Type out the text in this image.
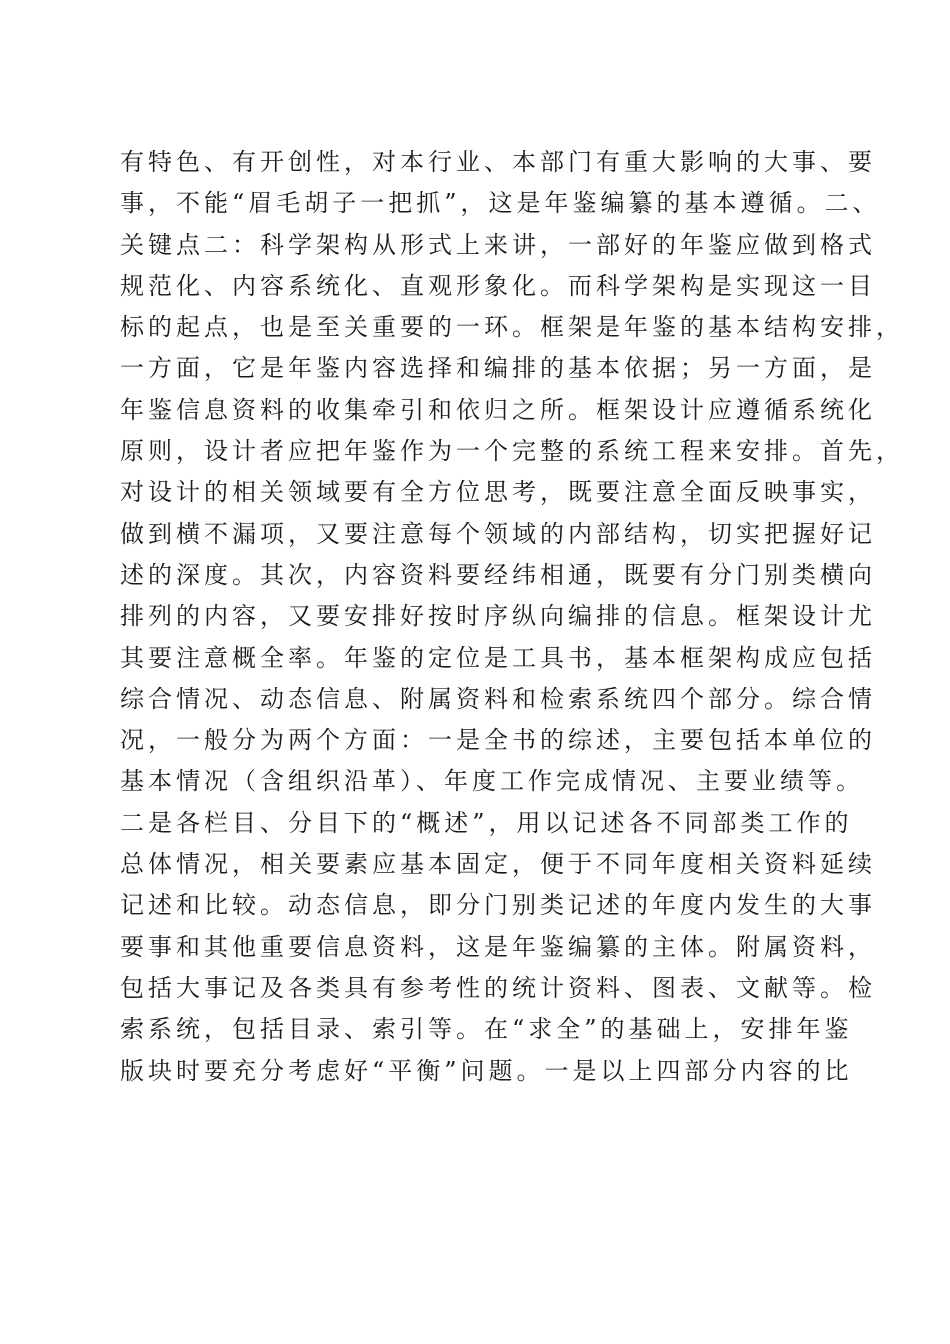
有特色、有开创性，对本行业、本部门有重大影响的大事、要
事，不能“眉毛胡子一把抓”，这是年鉴编纂的基本遵循。二、
关键点二：科学架构从形式上来讲，一部好的年鉴应做到格式
规范化、内容系统化、直观形象化。而科学架构是实现这一目
标的起点，也是至关重要的一环。框架是年鉴的基本结构安排，
一方面，它是年鉴内容选择和编排的基本依据；另一方面，是
年鉴信息资料的收集牵引和依归之所。框架设计应遵循系统化
原则，设计者应把年鉴作为一个完整的系统工程来安排。首先，
对设计的相关领域要有全方位思考，既要注意全面反映事实，
做到横不漏项，又要注意每个领域的内部结构，切实把握好记
述的深度。其次，内容资料要经纬相通，既要有分门别类横向
排列的内容，又要安排好按时序纵向编排的信息。框架设计尤
其要注意概全率。年鉴的定位是工具书，基本框架构成应包括
综合情况、动态信息、附属资料和检索系统四个部分。综合情
况，一般分为两个方面：一是全书的综述，主要包括本单位的
基本情况（含组织沿革）、年度工作完成情况、主要业绩等。
二是各栏目、分目下的“概述”，用以记述各不同部类工作的
总体情况，相关要素应基本固定，便于不同年度相关资料延续
记述和比较。动态信息，即分门别类记述的年度内发生的大事
要事和其他重要信息资料，这是年鉴编纂的主体。附属资料，
包括大事记及各类具有参考性的统计资料、图表、文献等。检
索系统，包括目录、索引等。在“求全”的基础上，安排年鉴
版块时要充分考虑好“平衡”问题。一是以上四部分内容的比
